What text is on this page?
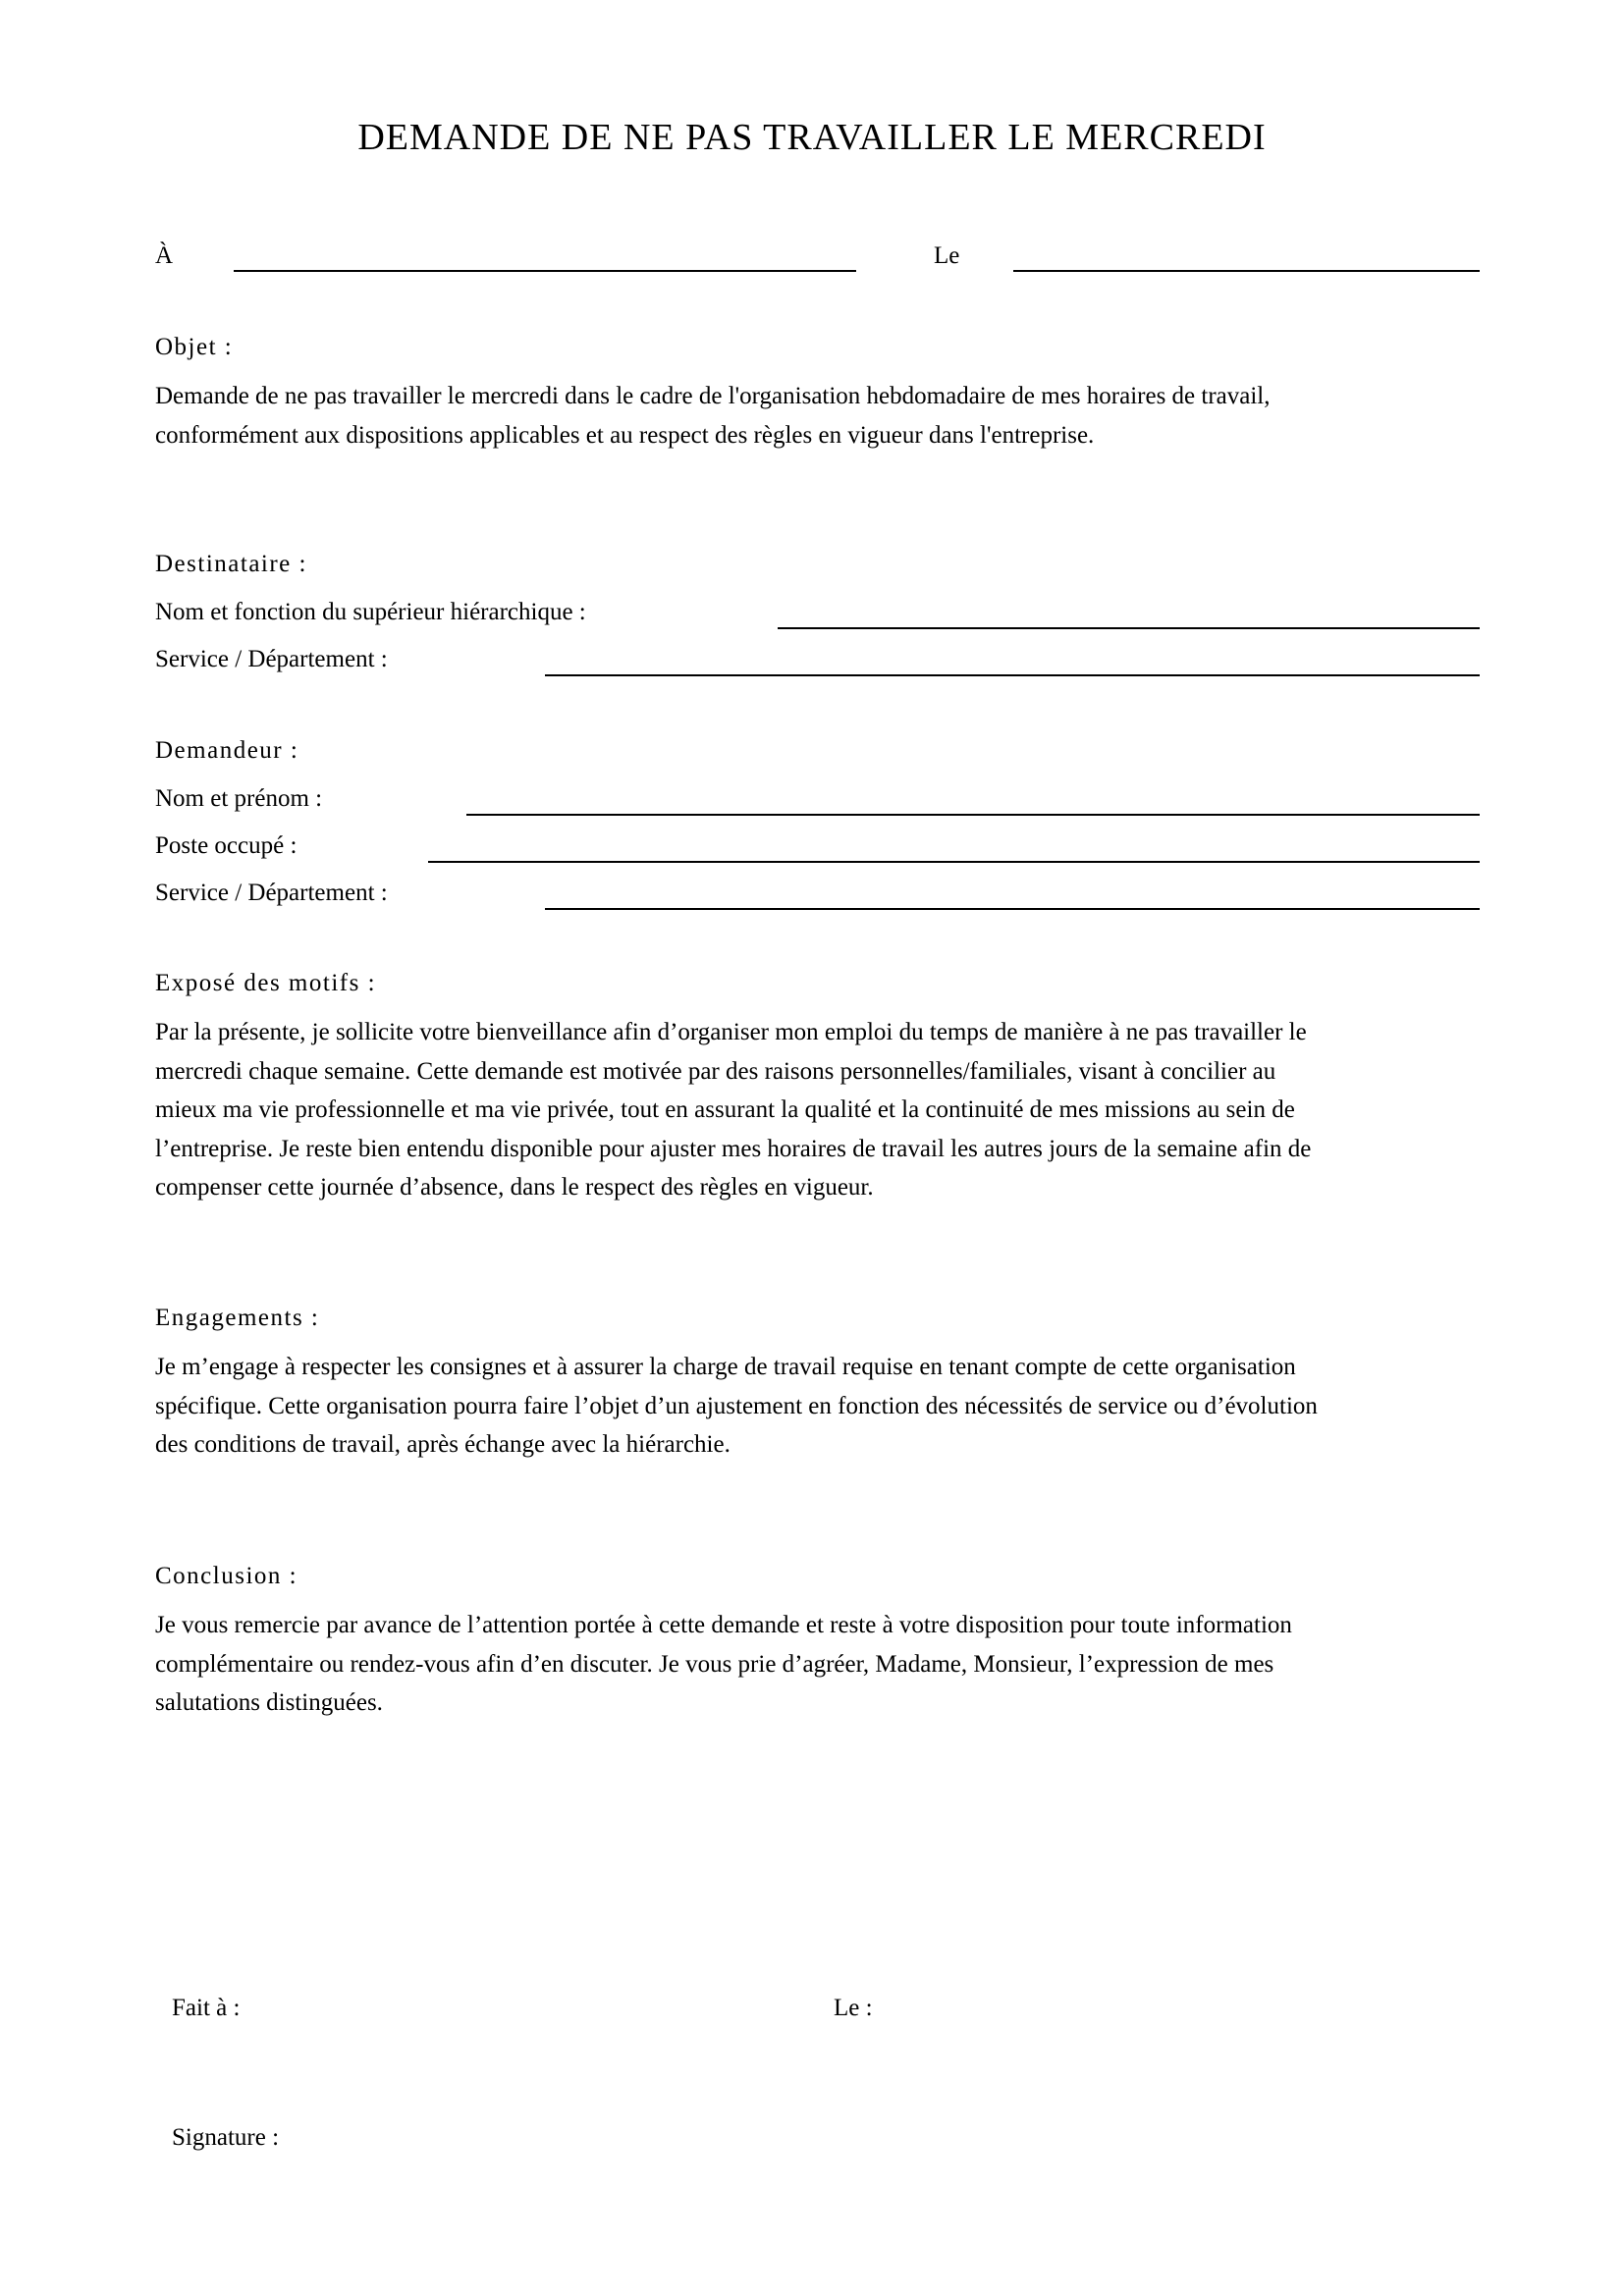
DEMANDE DE NE PAS TRAVAILLER LE MERCREDI
À	Le
Objet :

Demande de ne pas travailler le mercredi dans le cadre de l'organisation hebdomadaire de mes horaires de travail,

conformément aux dispositions applicables et au respect des règles en vigueur dans l'entreprise.

Destinataire :
Nom et fonction du supérieur hiérarchique :
Service / Département :
Demandeur :
Nom et prénom :
Poste occupé :
Service / Département :
Exposé des motifs :

Par la présente, je sollicite votre bienveillance afin d’organiser mon emploi du temps de manière à ne pas travailler le

mercredi chaque semaine. Cette demande est motivée par des raisons personnelles/familiales, visant à concilier au

mieux ma vie professionnelle et ma vie privée, tout en assurant la qualité et la continuité de mes missions au sein de

l’entreprise. Je reste bien entendu disponible pour ajuster mes horaires de travail les autres jours de la semaine afin de

compenser cette journée d’absence, dans le respect des règles en vigueur.

Engagements :

Je m’engage à respecter les consignes et à assurer la charge de travail requise en tenant compte de cette organisation

spécifique. Cette organisation pourra faire l’objet d’un ajustement en fonction des nécessités de service ou d’évolution

des conditions de travail, après échange avec la hiérarchie.

Conclusion :

Je vous remercie par avance de l’attention portée à cette demande et reste à votre disposition pour toute information

complémentaire ou rendez-vous afin d’en discuter. Je vous prie d’agréer, Madame, Monsieur, l’expression de mes

salutations distinguées.

Fait à :	Le :
Signature :
